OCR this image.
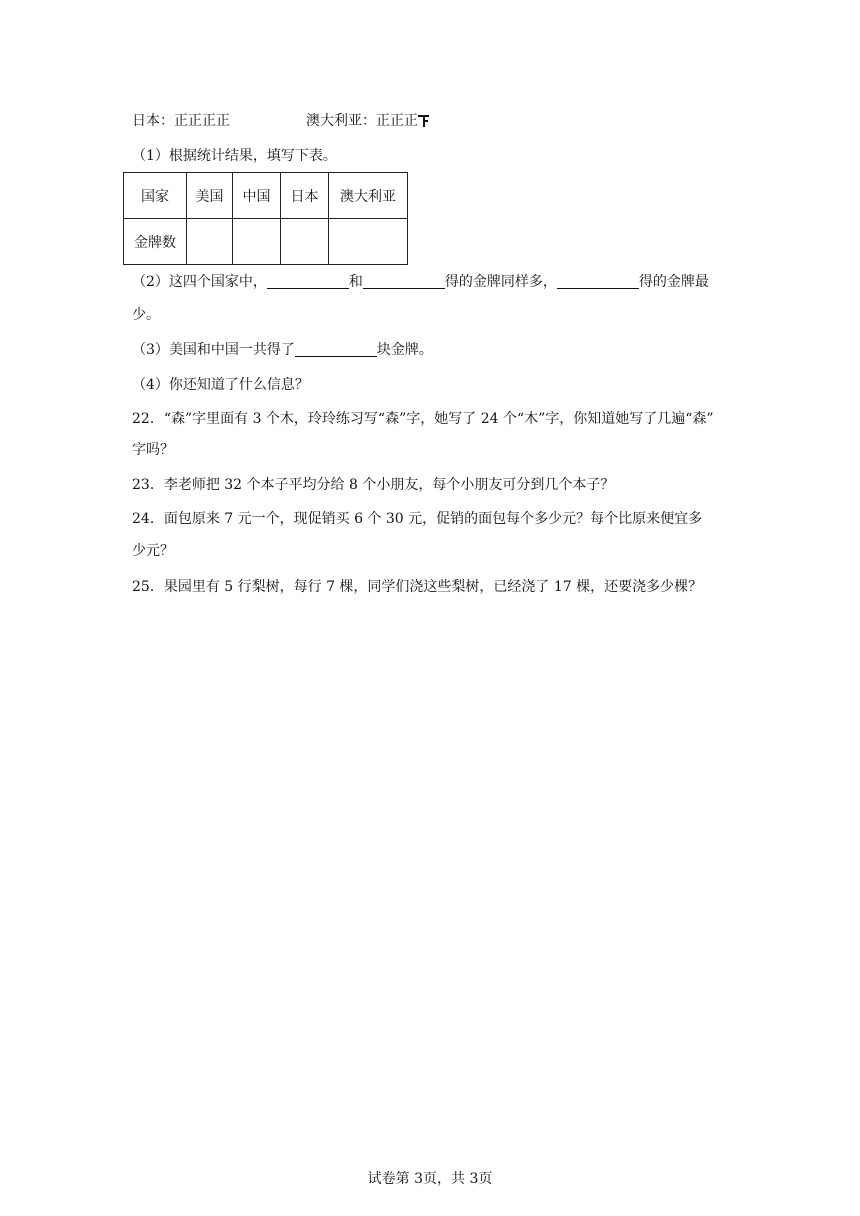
日本：正正正正	澳大利亚：正正正
（1）根据统计结果，填写下表。
国家	美国	中国	日本	澳大利亚
金牌数				
（2）这四个国家中，	和	得的金牌同样多，	得的金牌最
少。
（3）美国和中国一共得了	块金牌。
（4）你还知道了什么信息？
22．“森”字里面有 3 个木，玲玲练习写“森”字，她写了 24 个“木”字，你知道她写了几遍“森”
字吗？
23．李老师把 32 个本子平均分给 8 个小朋友，每个小朋友可分到几个本子？
24．面包原来 7 元一个，现促销买 6 个 30 元，促销的面包每个多少元？每个比原来便宜多
少元？
25．果园里有 5 行梨树，每行 7 棵，同学们浇这些梨树，已经浇了 17 棵，还要浇多少棵？
试卷第 3页，共 3页
